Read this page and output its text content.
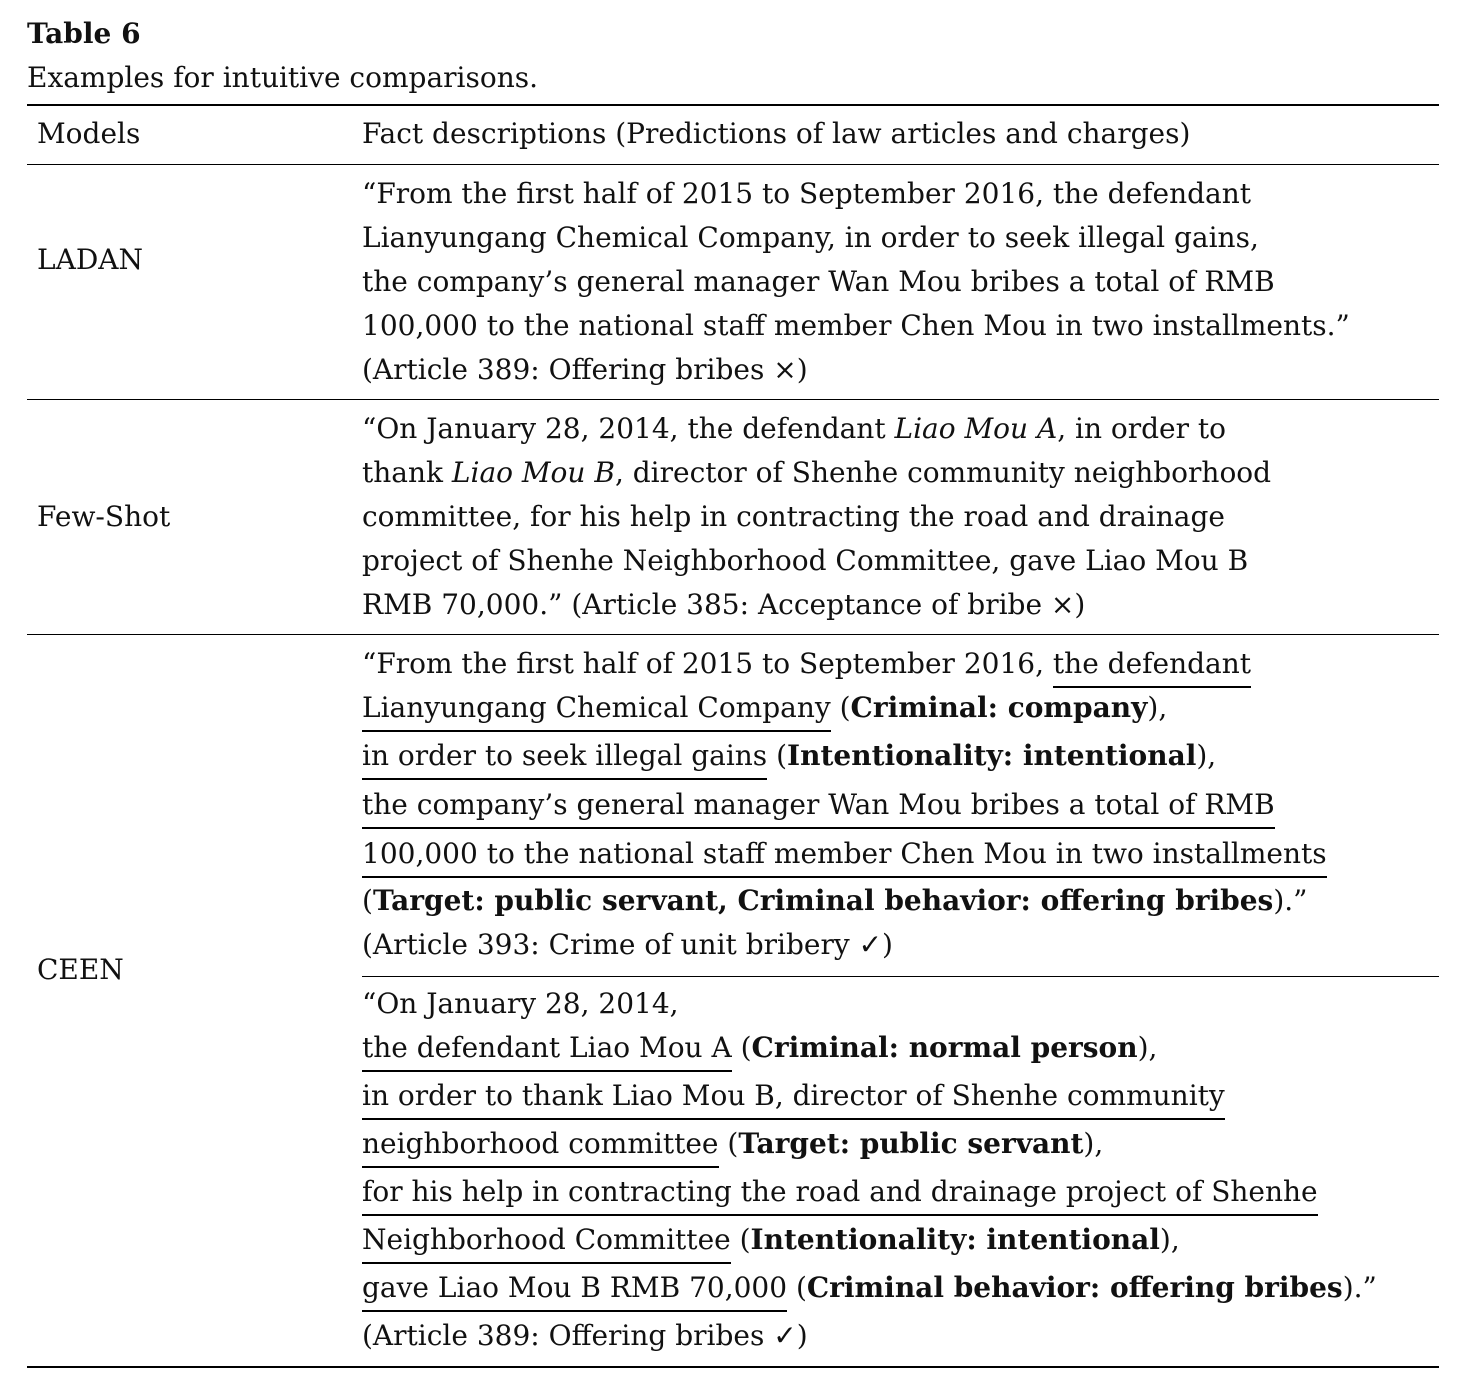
Table 6
Examples for intuitive comparisons.
Models	Fact descriptions (Predictions of law articles and charges)
LADAN
“From the first half of 2015 to September 2016, the defendant
Lianyungang Chemical Company, in order to seek illegal gains,
the company’s general manager Wan Mou bribes a total of RMB
100,000 to the national staff member Chen Mou in two installments.”
(Article 389: Offering bribes ×)
Few-Shot
“On January 28, 2014, the defendant Liao Mou A, in order to
thank Liao Mou B, director of Shenhe community neighborhood
committee, for his help in contracting the road and drainage
project of Shenhe Neighborhood Committee, gave Liao Mou B
RMB 70,000.” (Article 385: Acceptance of bribe ×)
CEEN
“From the first half of 2015 to September 2016, the defendant
Lianyungang Chemical Company (Criminal: company),
in order to seek illegal gains (Intentionality: intentional),
the company’s general manager Wan Mou bribes a total of RMB
100,000 to the national staff member Chen Mou in two installments
(Target: public servant, Criminal behavior: offering bribes).”
(Article 393: Crime of unit bribery ✓)
“On January 28, 2014,
the defendant Liao Mou A (Criminal: normal person),
in order to thank Liao Mou B, director of Shenhe community
neighborhood committee (Target: public servant),
for his help in contracting the road and drainage project of Shenhe
Neighborhood Committee (Intentionality: intentional),
gave Liao Mou B RMB 70,000 (Criminal behavior: offering bribes).”
(Article 389: Offering bribes ✓)
